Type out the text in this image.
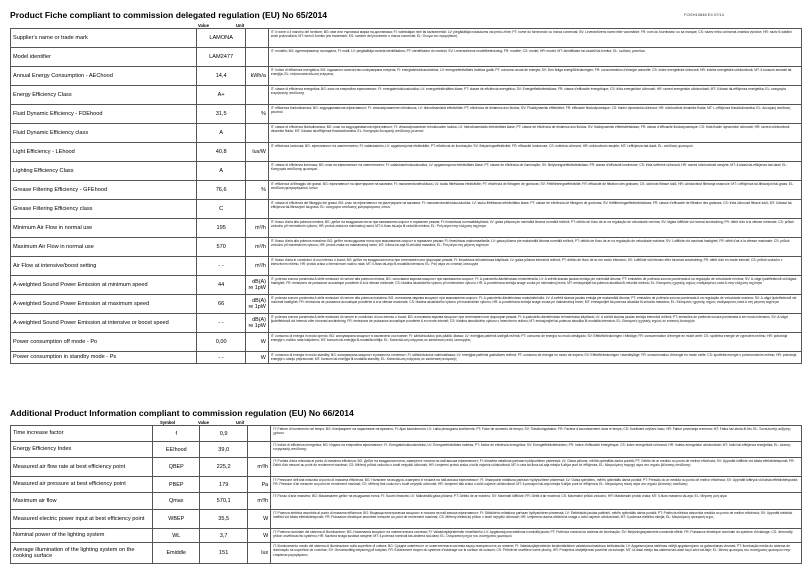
Product Fiche compliant to commission delegated regulation (EU) No 65/2014	FOGH10848 E4 07/14
Value	Unit
Supplier's name or trade mark	LAMONA		IT: il nome o il marchio del fornitore; BG: име или търговска марка на доставчика; FI: valmistajan nimi tai tavaramerkki; LV: piegādātāja nosaukums vai preču zīme; PT: nome do fornecedor ou marca comercial; SV: Leverantörens namn eller varumärke; FR: nom du fournisseur ou sa marque; CS: název nebo ochranná známka výrobce; HR: naziv ili zaštitni znak proizvođača; MT: isem il-fornitur jew trademark; ES: nombre del proveedor o marca comercial; EL: Όνομα του προμηθευτή
Model identifier	LAM2477		IT: modello; BG: идентификатор на модела; FI: malli; LV: piegādātāja modeļa identifikators; PT: identificador do modelo; SV: Leverantörens modellbeteckning; FR: modèle; CS: model; HR: model; MT: identifikatur tal-mudell tal-fornitur; EL: κωδικός μοντέλου
Annual Energy Consumption - AEChood	14,4	kWh/a	IT: Indice di efficienza energetica; BG: годишното количество консумирана енергия; FI: energiatehokkuusindeksi; LV: energoefektivitātes indekss gadā; PT: consumo anual de energia; SV: Den årliga energiförbrukningen; FR: consommation d'énergie annuelle; CS: index energetické účinnosti; HR: indeks energetske učinkovitosti; MT: Il-konsum annwali tal-enerģija; EL: ετήσια κατανάλωση ενέργειας
Energy Efficiency Class	A+		IT: classe di efficienza energetica; BG: клас на енергийна ефективност; FI: energiatehokkuusluokka; LV: energoefektivitātes klase; PT: classe de eficiência energética; SV: Energieffektivitetsklass; FR: classe d'efficacité énergétique; CS: třída energetické účinnosti; HR: razred energetske učinkovitosti; MT: Il-klassi tal-effiċjenza enerģetika; EL: κατηγορία ενεργειακής απόδοσης
Fluid Dynamic Efficiency - FDEhood	31,5	%	IT: efficienza fluidodinamica; BG: хидродинамична ефективност; FI: virtausdynaaminen tehokkuus; LV: hidrodinamiskā efektivitāte; PT: eficiência de dinâmica dos fluidos; SV: Fluiddynamisk effektivitet; FR: efficacité fluidodynamique; CS: fluidní dynamická účinnost; HR: učinkovitost dinamike fluida; MT: L-effiċjenza fluwidodinamika; EL: Δυναμική απόδοση ρευστού
Fluid Dynamic Efficiency class	A		IT: classe di efficienza fluidodinamica; BG: клас на хидродинамична ефективност; FI: virtausdynaamisen tehokkuuden luokka; LV: hidrodinamiskās efektivitātes klase; PT: classe de eficiência de dinâmica dos fluidos; SV: fluiddynamisk effektivitetsklass; FR: classe d'efficacité fluidodynamique; CS: třída fluidní dynamické účinnosti; HR: razred učinkovitosti dinamike fluida; MT: Il-klassi tal-effiċjenza fluwidodinamika; EL: Κατηγορία δυναμικής απόδοσης ρευστού
Light Efficiency - LEhood	40,8	lux/W	IT: efficienza luminosa; BG: ефективност на осветлението; FI: valaistusteho; LV: apgaismojuma efektivitāte; PT: eficiência de iluminação; SV: Belysningseffektivitet; FR: efficacité lumineuse; CS: světelná účinnost; HR: učinkovitost rasvjete; MT: l-effiċjenza tad-dawl; EL: απόδοση φωτισμού
Lighting Efficiency Class	A		IT: classe di efficienza luminosa; BG: клас на ефективност на осветлението; FI: valaistustehoisuusluokka; LV: apgaismojuma efektivitātes klase; PT: classe de eficiência de iluminação; SV: Belysningseffektivitetsklass; FR: classe d'efficacité lumineuse; CS: třída světelné účinnosti; HR: razred učinkovitosti rasvjete; MT: Il-klassi tal-effiċjenza tad-dawl; EL: Κατηγορία απόδοσης φωτισμού
Grease Filtering Efficiency - GFEhood	76,6	%	IT: efficienza di filtraggio dei grassi; BG: ефективност на филтриране на мазнини; FI: rasvanerotustehokkuus; LV: tauku filtrēšanas efektivitāte; PT: eficiência de filtragem de gorduras; SV: Fettfiltreringseffektivitet; FR: efficacité de filtration des graisses; CS: účinnost filtrace tuků; HR: učinkovitost filtriranja masnoće; MT: l-effiċjenza tal-filtrazzjoni tal-grass; EL: απόδοση φιλτραρίσματος λιπών
Grease Filtering Efficiency class	C		IT: classe di efficienza del filtraggio dei grassi; BG: клас на ефективност на филтриране на мазнини; FI: rasvanerotustehokkuusluokka; LV: tauku filtrēšanas efektivitātes klase; PT: classe de eficiência de filtragem de gorduras; SV: fettfiltreringseffektivitetsklass; FR: classe d'efficacité de filtration des graisses; CS: třída účinnosti filtrace tuků; MT: Il-klassi tal-effiċjenza tal-filtrazzjoni tal-grass; EL: κατηγορία απόδοσης φιλτραρίσματος λιπών
Minimum Air Flow in normal use	195	m³/h	IT: flusso d'aria alla potenza minima; BG: дебит на въздушния поток при минимална скорост в нормален режим; FI: ilmavirtaus normaalikäytössä; LV: gaisa plūsma pie minimālā ātruma normālā režīmā; PT: débito de fluxo de ar na regulação de velocidade mínima; SV: lägsta luftflöde vid normal användning; FR: débit d'air à la vitesse minimale; CS: průtok vzduchu při minimálním výkonu; HR: protok zraka na minimalnoj razini; MT: il-fluss tal-arja fil-veloċità minima; EL: Ροή αέρα στην ελάχιστη ταχύτητα
Maximum Air Flow in normal use	570	m³/h	IT: flusso d'aria alla potenza massima; BG: дебит на въздушния поток при максимална скорост в нормален режим; FI: ilmavirtaus maksimaalisella; LV: gaisa plūsma pie maksimālā ātruma normālā režīmā; PT: débito de fluxo de ar na regulação de velocidade máxima; SV: Luftflöde vid maximal hastighet; FR: débit d'air à la vitesse maximale; CS: průtok vzduchu při maximálním výkonu; HR: protok zraka na maksimalnoj razini; MT: il-fluss tal-arja fil-veloċità massima; EL: Ροή αέρα στη μέγιστη ταχύτητα
Air Flow at intensive/boost setting	- -	m³/h	IT: flusso d'aria in condizioni di uso intenso o boost; BG: дебит на въздушния поток при интензивен или форсиран режим; FI: ilmavirtaus tehostetussa käytössä; LV: gaisa plūsma intensīvā režīmā; PT: débito de fluxo de ar em modo intensivo; SV: Luftflöde vid intensiv eller forcerad användning; FR: débit d'air en mode intensif; CS: průtok vzduchu v intenzivním režimu; HR: protok zraka u intenzivnom načinu rada; MT: il-fluss tal-arja fil-modalità intensiva; EL: Ροή αέρα σε εντατική λειτουργία
A-weighted Sound Power Emission at minimum speed	44	dB(A) re 1pW	IT: potenza sonora ponderata A delle emissioni di rumore alla potenza minima; BG: излъчвана звукова мощност при минимална скорост; FI: A-painotettu äänitehotaso minimiteholla; LV: A svērtā skaņas jaudas emisija pie minimālā ātruma; PT: emissões de potência sonora ponderada A na regulação de velocidade mínima; SV: A-vägd ljudeffektnivå vid lägsta hastighet; FR: émissions de puissance acoustique pondérée A à la vitesse minimale; CS: hladina akustického výkonu při minimálním výkonu; HR: A-ponderirana emisija snage zvuka pri minimalnoj brzini; MT: emissjonijiet tal-potenza akustika fil-veloċità minima; EL: Εκπομπές ηχητικής ισχύος σταθμισμένες κατά Α στην ελάχιστη ταχύτητα
A-weighted Sound Power Emission at maximum speed	66	dB(A) re 1pW	IT: potenza sonora ponderata A delle emissioni di rumore alla potenza massima; BG: излъчвана звукова мощност при максимална скорост; FI: A-painotettu äänitehotaso maksimiteholla; LV: A svērtā skaņas jaudas emisija pie maksimālā ātruma; PT: emissões de potência sonora ponderada A na regulação de velocidade máxima; SV: A-vägd ljudeffektnivå vid maximal hastighet; FR: émissions de puissance acoustique pondérée A à la vitesse maximale; CS: hladina akustického výkonu při maximálním výkonu; HR: A-ponderirana emisija snage zvuka pri maksimalnoj brzini; MT: emissjonijiet tal-potenza akustika fil-veloċità massima; EL: Εκπομπές ηχητικής ισχύος σταθμισμένες κατά Α στη μέγιστη ταχύτητα
A-weighted Sound Power Emission at intensive or boost speed	- -	dB(A) re 1pW	IT: potenza sonora ponderata A delle emissioni di rumore in condizioni di uso intenso o boost; BG: излъчвана звукова мощност при интензивен или форсиран режим; FI: A-painotettu äänitehotaso tehostetussa käytössä; LV: A svērtā skaņas jaudas emisija intensīvā režīmā; PT: emissões de potência sonora ponderada A em modo intensivo; SV: A-vägd ljudeffektnivå vid intensiv eller forcerad användning; FR: émissions de puissance acoustique pondérée A en mode intensif; CS: hladina akustického výkonu v intenzivním režimu; MT: emissjonijiet tal-potenza akustika fil-modalità intensiva; EL: Εκπομπές ηχητικής ισχύος σε εντατική λειτουργία
Power consumption off mode - Po	0,00	W	IT: consumo di energia in modo spento; BG: консумирана мощност в изключено състояние; FI: sähkönkulutus pois päältä -tilassa; LV: enerģijas patēriņš izslēgtā režīmā; PT: consumo de energia no modo desligado; SV: Effektförbrukningen i frånläge; FR: consommation d'énergie en mode arrêt; CS: spotřeba energie ve vypnutém režimu; HR: potrošnja energije u načinu rada isključeno; MT: konsum tal-enerģija fil-modalità mitfija; EL: Κατανάλωση ενέργειας σε κατάσταση εκτός λειτουργίας
Power consumption in standby mode - Ps	- -	W	IT: consumo di energia in modo standby; BG: консумирана мощност в режим на готовност; FI: sähkönkulutus valmiustilassa; LV: enerģijas patēriņš gaidstāves režīmā; PT: consumo de energia no modo de espera; SV: Effektförbrukningen i standbyläge; FR: consommation d'énergie en mode veille; CS: spotřeba energie v pohotovostním režimu; HR: potrošnja energije u stanju pripravnosti; MT: konsum tal-enerģija fil-modalità standby; EL: Κατανάλωση ενέργειας σε κατάσταση αναμονής
Additional Product Information compliant to commission regulation (EU) No 66/2014
Symbol	Value	Unit
Time increase factor	f	0,9		IT: Fattore di incremento nel tempo; BG: Коефициент на нарастване на времето; FI: Ajan kasvukerroin; LV: Laika pieauguma koeficients; PT: Fator de aumento de tempo; SV: Tidsökningsfaktor; FR: Facteur d'accroissement dans le temps; CS: Koeficient zvýšení času; HR: Faktor povećanja vremena; MT: Fattur taż-żieda fil-ħin; EL: Συντελεστής αύξησης χρόνου
Energy Efficiency Index	EEIhood	39,0		IT: Indice di efficienza energetica; BG: Индекс на енергийна ефективност; FI: Energiatehokkuusindeksi; LV: Energoefektivitātes indekss; PT: Índice de eficiência energética; SV: Energieffektivitetsindex; FR: Indice d'efficacité énergétique; CS: Index energetické účinnosti; HR: Indeks energetske učinkovitosti; MT: Indiċi tal-effiċjenza enerģetika; EL: Δείκτης ενεργειακής απόδοσης
Measured air flow rate at best efficiency point	QBEP	225,2	m³/h	IT: Portata d'aria misurata al punto di massima efficienza; BG: Дебит на въздушния поток, измерен в точката на най-висока ефективност; FI: Ilmavirta mitattuna parhaan hyötysuhteen pisteessä; LV: Gaisa plūsma, mērīta optimālās darba punktā; PT: Débito de ar medido no ponto de melhor eficiência; SV: Uppmätt luftflöde vid bästa effektivitetspunkt; FR: Débit d'air mesuré au point de rendement maximal; CS: Měřený průtok vzduchu v bodě nejvyšší účinnosti; HR: Izmjereni protok zraka u točki najveće učinkovitosti; MT: ir-rata tal-fluss tal-arja mkejla fl-aħjar punt ta' effiċjenza; EL: Μετρούμενη παροχή αέρα στο σημείο βέλτιστης απόδοσης
Measured air pressure at best efficiency point	PBEP	179	Pa	IT: Pressione dell'aria misurata al punto di massima efficienza; BG: Налягане на въздуха, измерено в точката на най-висока ефективност; FI: Ilmanpaine mitattuna parhaan hyötysuhteen pisteessä; LV: Gaisa spiediens, mērīts optimālās darba punktā; PT: Pressão do ar medida no ponto de melhor eficiência; SV: Uppmätt lufttryck vid bästa effektivitetspunkt; FR: Pression d'air mesurée au point de rendement maximal; CS: Měřený tlak vzduchu v bodě nejvyšší účinnosti; HR: Izmjereni tlak zraka u točki najveće učinkovitosti; MT: Il-pressjoni tal-arja mkejla fl-aħjar punt ta' effiċjenza; EL: Μετρούμενη πίεση αέρα στο σημείο βέλτιστης απόδοσης
Maximum air flow	Qmax	570,1	m³/h	IT: Flusso d'aria massimo; BG: Максимален дебит на въздушния поток; FI: Suurin ilmavirta; LV: Maksimālā gaisa plūsma; PT: Débito de ar máximo; SV: Maximalt luftflöde; FR: Débit d'air maximal; CS: Maximální průtok vzduchu; HR: Maksimalni protok zraka; MT: Il-fluss massimu tal-arja; EL: Μέγιστη ροή αέρα
Measured electric power input at best efficiency point	WBEP	35,5	W	IT: Potenza elettrica assorbita al punto di massima efficienza; BG: Входяща електрическа мощност в точката на най-висока ефективност; FI: Sähköteho mitattuna parhaan hyötysuhteen pisteessä; LV: Elektriskās jaudas patēriņš, mērīts optimālās darba punktā; PT: Potência elétrica absorvida medida no ponto de melhor eficiência; SV: Uppmätt elektrisk ineffekt vid bästa effektivitetspunkt; FR: Puissance électrique absorbée mesurée au point de rendement maximal; CS: Měřený elektrický příkon v bodě nejvyšší účinnosti; HR: Izmjerena ulazna električna snaga u točki najveće učinkovitosti; MT: Il-potenza elettrika mkejla; EL: Μετρούμενη ηλεκτρική ισχύς
Nominal power of the lighting system	WL	3,7	W	IT: Potenza nominale del sistema di illuminazione; BG: Номинална мощност на осветителната система; FI: Valaistusjärjestelmän nimellisteho; LV: Apgaismojuma sistēmas nominālā jauda; PT: Potência nominal do sistema de iluminação; SV: Belysningssystemets nominella effekt; FR: Puissance électrique nominale du système d'éclairage; CS: Jmenovitý příkon osvětlovacího systému; HR: Nazivna snaga sustava rasvjete; MT: Il-potenza nominali tas-sistema tad-dawl; EL: Ονομαστική ισχύς του συστήματος φωτισμού
Average illumination of the lighting system on the cooking surface	Emiddle	151	lux	IT: Illuminamento medio del sistema di illuminazione sulla superficie di cottura; BG: Средна осветеност от осветителната система върху повърхността за готвене; FI: Valaistusjärjestelmän keskimääräinen valaistusvoimakkuus keittotasolla; LV: Apgaismojuma sistēmas vidējā apgaismojums uz gatavošanas virsmas; PT: Iluminação média do sistema de iluminação na superfície de cozinhar; SV: Genomsnittlig belysning på kokytan; FR: Éclairement moyen du système d'éclairage sur la surface de cuisson; CS: Průměrné osvětlení varné plochy; HR: Prosječna osvijetljenost površine za kuhanje; MT: Id-dawl medju tas-sistema tad-dawl fuq il-wiċċ tat-tisjir; EL: Μέσος φωτισμός του συστήματος φωτισμού στην επιφάνεια μαγειρέματος
